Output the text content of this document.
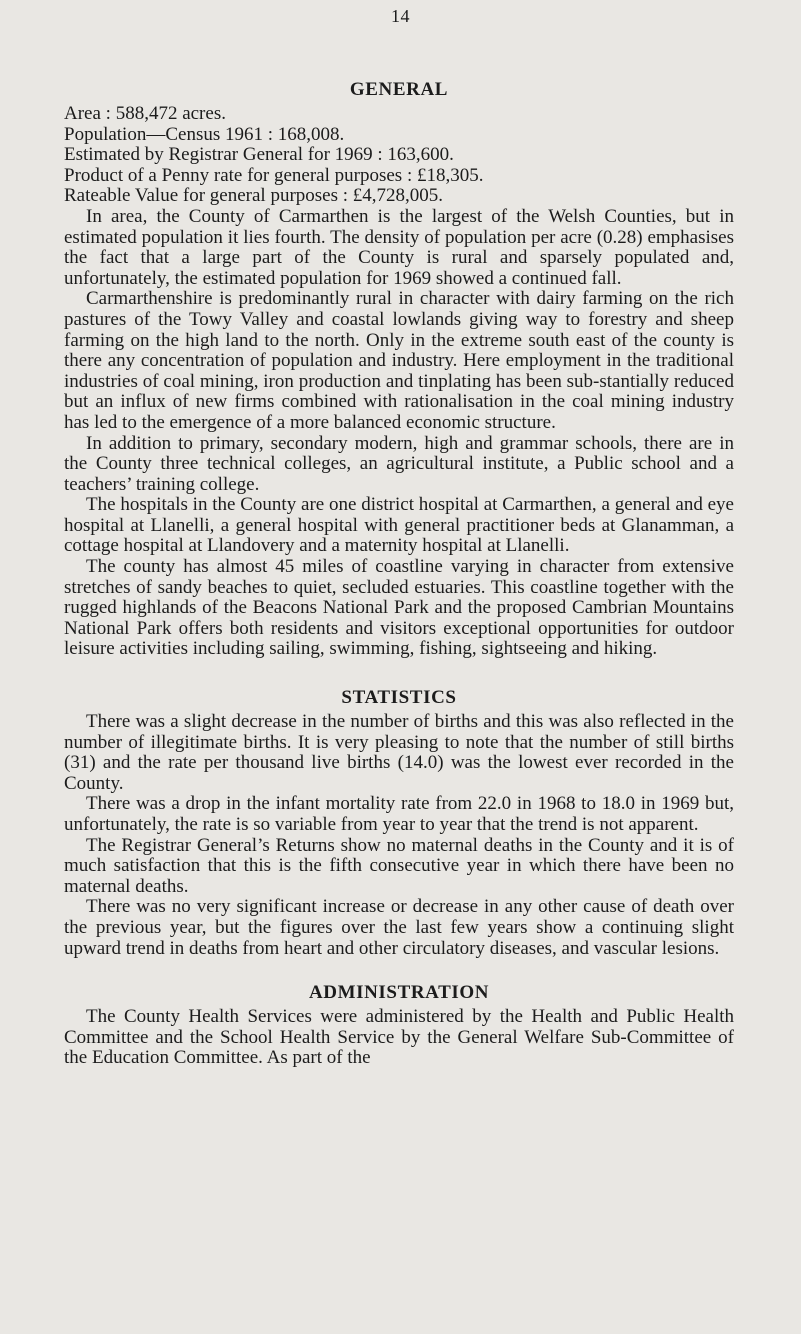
14
GENERAL

Area : 588,472 acres.

Population—Census 1961 : 168,008.

Estimated by Registrar General for 1969 : 163,600.

Product of a Penny rate for general purposes : £18,305.

Rateable Value for general purposes : £4,728,005.

In area, the County of Carmarthen is the largest of the Welsh Counties, but in estimated population it lies fourth. The density of population per acre (0.28) emphasises the fact that a large part of the County is rural and sparsely populated and, unfortunately, the estimated population for 1969 showed a continued fall.

Carmarthenshire is predominantly rural in character with dairy farming on the rich pastures of the Towy Valley and coastal lowlands giving way to forestry and sheep farming on the high land to the north. Only in the extreme south east of the county is there any concentration of population and industry. Here employment in the traditional industries of coal mining, iron production and tinplating has been sub-stantially reduced but an influx of new firms combined with rationalisation in the coal mining industry has led to the emergence of a more balanced economic structure.

In addition to primary, secondary modern, high and grammar schools, there are in the County three technical colleges, an agricultural institute, a Public school and a teachers’ training college.

The hospitals in the County are one district hospital at Carmarthen, a general and eye hospital at Llanelli, a general hospital with general practitioner beds at Glanamman, a cottage hospital at Llandovery and a maternity hospital at Llanelli.

The county has almost 45 miles of coastline varying in character from extensive stretches of sandy beaches to quiet, secluded estuaries. This coastline together with the rugged highlands of the Beacons National Park and the proposed Cambrian Mountains National Park offers both residents and visitors exceptional opportunities for outdoor leisure activities including sailing, swimming, fishing, sightseeing and hiking.

STATISTICS

There was a slight decrease in the number of births and this was also reflected in the number of illegitimate births. It is very pleasing to note that the number of still births (31) and the rate per thousand live births (14.0) was the lowest ever recorded in the County.

There was a drop in the infant mortality rate from 22.0 in 1968 to 18.0 in 1969 but, unfortunately, the rate is so variable from year to year that the trend is not apparent.

The Registrar General’s Returns show no maternal deaths in the County and it is of much satisfaction that this is the fifth consecutive year in which there have been no maternal deaths.

There was no very significant increase or decrease in any other cause of death over the previous year, but the figures over the last few years show a continuing slight upward trend in deaths from heart and other circulatory diseases, and vascular lesions.

ADMINISTRATION

The County Health Services were administered by the Health and Public Health Committee and the School Health Service by the General Welfare Sub-Committee of the Education Committee. As part of the
